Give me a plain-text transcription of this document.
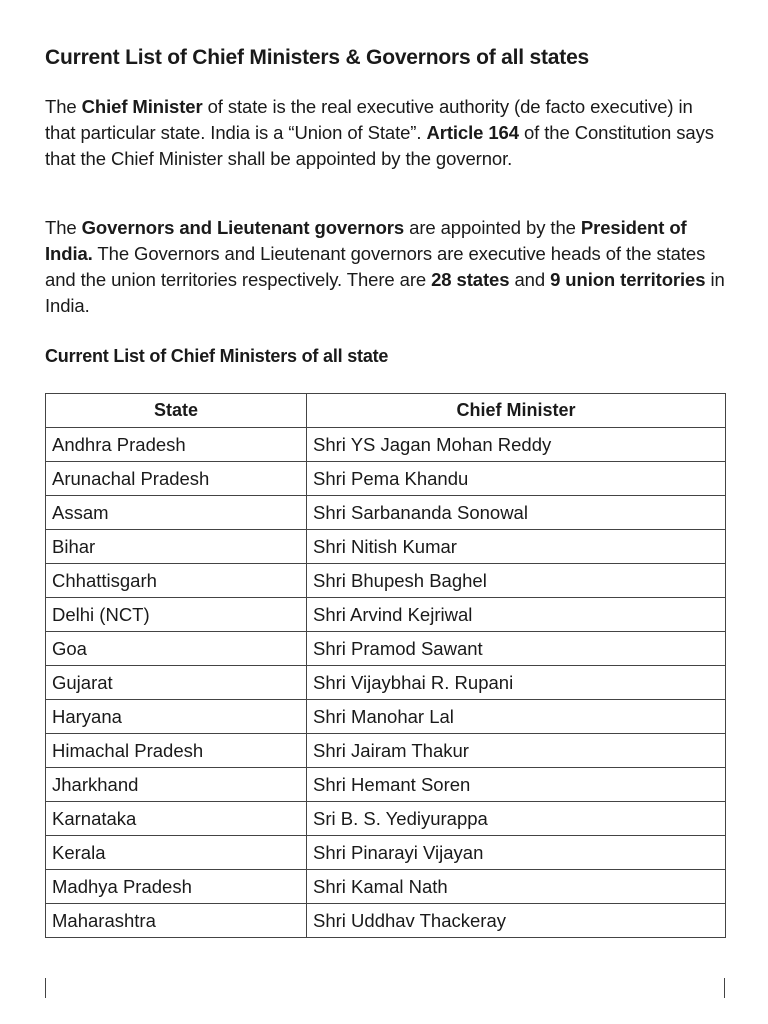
Current List of Chief Ministers & Governors of all states

The Chief Minister of state is the real executive authority (de facto executive) in that particular state. India is a “Union of State”. Article 164 of the Constitution says that the Chief Minister shall be appointed by the governor.

The Governors and Lieutenant governors are appointed by the President of India. The Governors and Lieutenant governors are executive heads of the states and the union territories respectively. There are 28 states and 9 union territories in India.

Current List of Chief Ministers of all state
State	Chief Minister
Andhra Pradesh	Shri YS Jagan Mohan Reddy
Arunachal Pradesh	Shri Pema Khandu
Assam	Shri Sarbananda Sonowal
Bihar	Shri Nitish Kumar
Chhattisgarh	Shri Bhupesh Baghel
Delhi (NCT)	Shri Arvind Kejriwal
Goa	Shri Pramod Sawant
Gujarat	Shri Vijaybhai R. Rupani
Haryana	Shri Manohar Lal
Himachal Pradesh	Shri Jairam Thakur
Jharkhand	Shri Hemant Soren
Karnataka	Sri B. S. Yediyurappa
Kerala	Shri Pinarayi Vijayan
Madhya Pradesh	Shri Kamal Nath
Maharashtra	Shri Uddhav Thackeray
